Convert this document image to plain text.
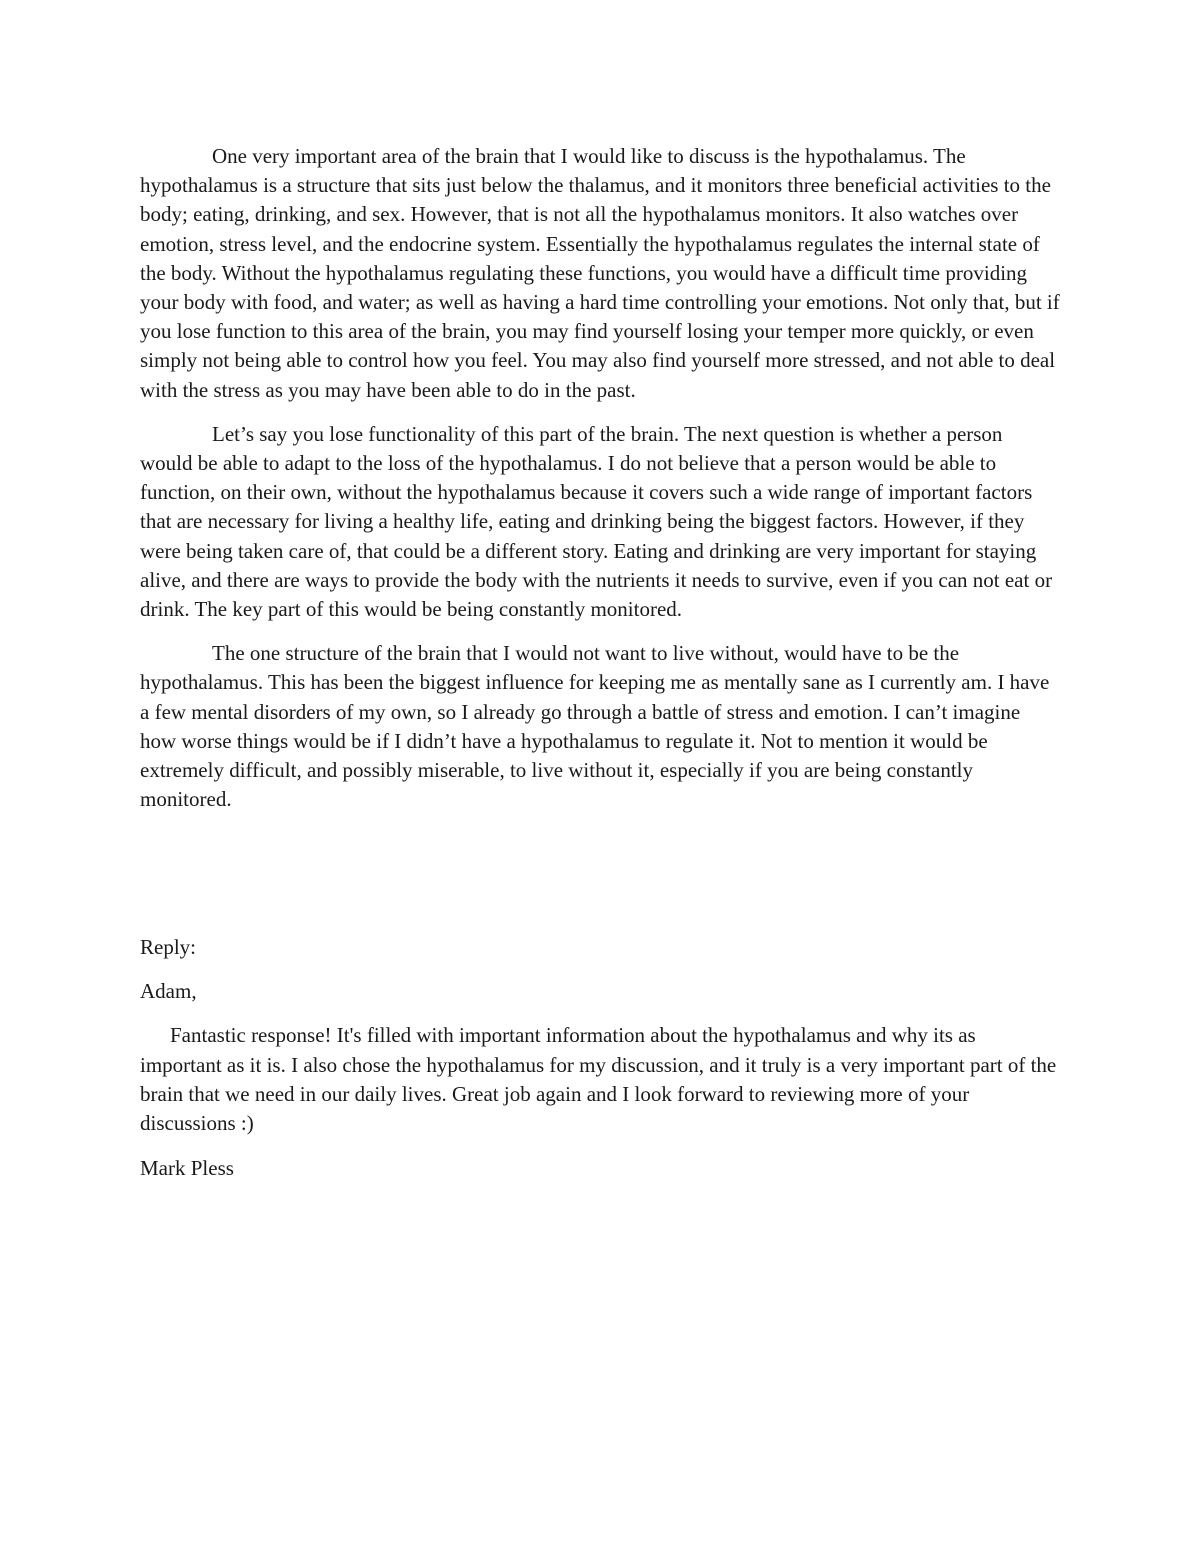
One very important area of the brain that I would like to discuss is the hypothalamus. The hypothalamus is a structure that sits just below the thalamus, and it monitors three beneficial activities to the body; eating, drinking, and sex. However, that is not all the hypothalamus monitors. It also watches over emotion, stress level, and the endocrine system. Essentially the hypothalamus regulates the internal state of the body. Without the hypothalamus regulating these functions, you would have a difficult time providing your body with food, and water; as well as having a hard time controlling your emotions. Not only that, but if you lose function to this area of the brain, you may find yourself losing your temper more quickly, or even simply not being able to control how you feel. You may also find yourself more stressed, and not able to deal with the stress as you may have been able to do in the past.

Let’s say you lose functionality of this part of the brain. The next question is whether a person would be able to adapt to the loss of the hypothalamus. I do not believe that a person would be able to function, on their own, without the hypothalamus because it covers such a wide range of important factors that are necessary for living a healthy life, eating and drinking being the biggest factors. However, if they were being taken care of, that could be a different story. Eating and drinking are very important for staying alive, and there are ways to provide the body with the nutrients it needs to survive, even if you can not eat or drink. The key part of this would be being constantly monitored.

The one structure of the brain that I would not want to live without, would have to be the hypothalamus. This has been the biggest influence for keeping me as mentally sane as I currently am. I have a few mental disorders of my own, so I already go through a battle of stress and emotion. I can’t imagine how worse things would be if I didn’t have a hypothalamus to regulate it. Not to mention it would be extremely difficult, and possibly miserable, to live without it, especially if you are being constantly monitored.

Reply:

Adam,

Fantastic response! It's filled with important information about the hypothalamus and why its as important as it is. I also chose the hypothalamus for my discussion, and it truly is a very important part of the brain that we need in our daily lives. Great job again and I look forward to reviewing more of your discussions :)

Mark Pless
